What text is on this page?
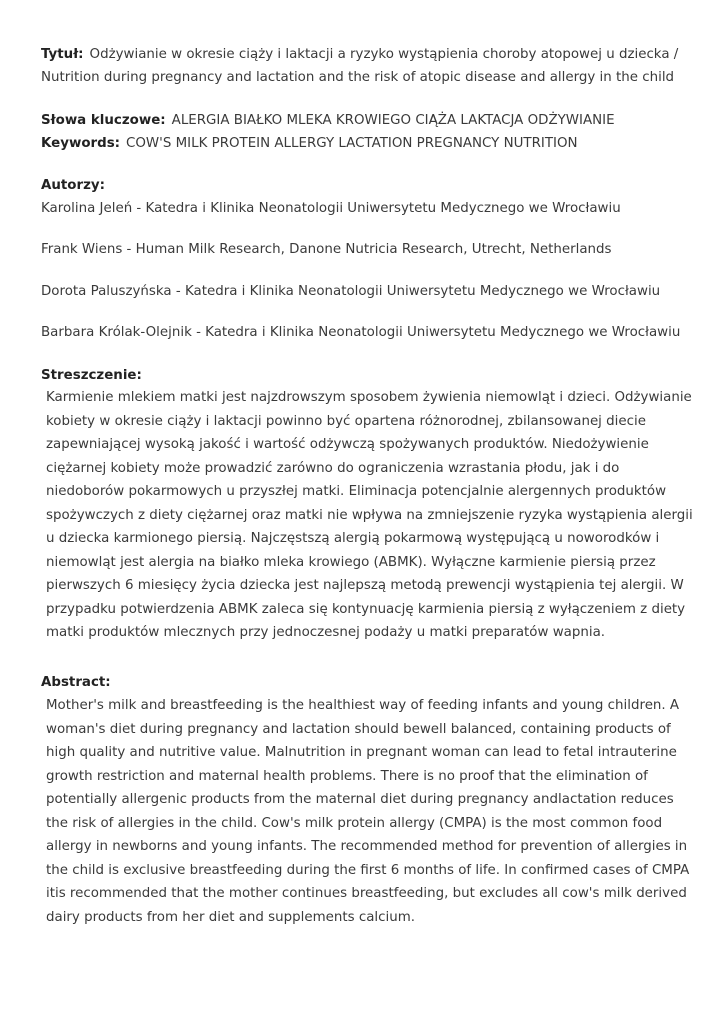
Tytuł: Odżywianie w okresie ciąży i laktacji a ryzyko wystąpienia choroby atopowej u dziecka /
Nutrition during pregnancy and lactation and the risk of atopic disease and allergy in the child
Słowa kluczowe: ALERGIA BIAŁKO MLEKA KROWIEGO CIĄŻA LAKTACJA ODŻYWIANIE
Keywords: COW'S MILK PROTEIN ALLERGY LACTATION PREGNANCY NUTRITION
Autorzy:
Karolina Jeleń - Katedra i Klinika Neonatologii Uniwersytetu Medycznego we Wrocławiu
Frank Wiens - Human Milk Research, Danone Nutricia Research, Utrecht, Netherlands
Dorota Paluszyńska - Katedra i Klinika Neonatologii Uniwersytetu Medycznego we Wrocławiu
Barbara Królak-Olejnik - Katedra i Klinika Neonatologii Uniwersytetu Medycznego we Wrocławiu
Streszczenie:
Karmienie mlekiem matki jest najzdrowszym sposobem żywienia niemowląt i dzieci. Odżywianie
kobiety w okresie ciąży i laktacji powinno być opartena różnorodnej, zbilansowanej diecie
zapewniającej wysoką jakość i wartość odżywczą spożywanych produktów. Niedożywienie
ciężarnej kobiety może prowadzić zarówno do ograniczenia wzrastania płodu, jak i do
niedoborów pokarmowych u przyszłej matki. Eliminacja potencjalnie alergennych produktów
spożywczych z diety ciężarnej oraz matki nie wpływa na zmniejszenie ryzyka wystąpienia alergii
u dziecka karmionego piersią. Najczęstszą alergią pokarmową występującą u noworodków i
niemowląt jest alergia na białko mleka krowiego (ABMK). Wyłączne karmienie piersią przez
pierwszych 6 miesięcy życia dziecka jest najlepszą metodą prewencji wystąpienia tej alergii. W
przypadku potwierdzenia ABMK zaleca się kontynuację karmienia piersią z wyłączeniem z diety
matki produktów mlecznych przy jednoczesnej podaży u matki preparatów wapnia.
Abstract:
Mother's milk and breastfeeding is the healthiest way of feeding infants and young children. A
woman's diet during pregnancy and lactation should bewell balanced, containing products of
high quality and nutritive value. Malnutrition in pregnant woman can lead to fetal intrauterine
growth restriction and maternal health problems. There is no proof that the elimination of
potentially allergenic products from the maternal diet during pregnancy andlactation reduces
the risk of allergies in the child. Cow's milk protein allergy (CMPA) is the most common food
allergy in newborns and young infants. The recommended method for prevention of allergies in
the child is exclusive breastfeeding during the first 6 months of life. In confirmed cases of CMPA
itis recommended that the mother continues breastfeeding, but excludes all cow's milk derived
dairy products from her diet and supplements calcium.
